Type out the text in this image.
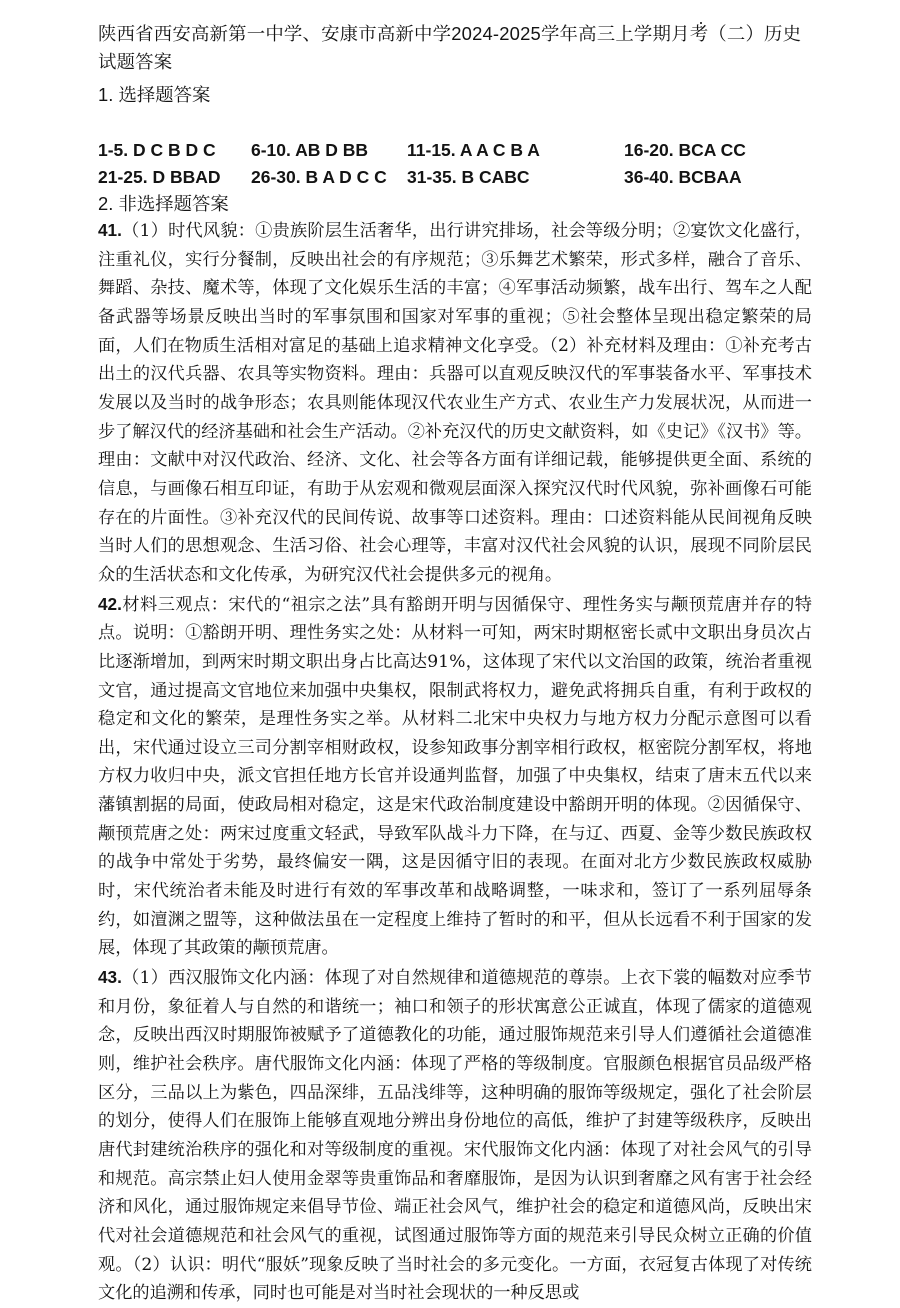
陕西省西安高新第一中学、安康市高新中学2024-2025学年高三上学期月考（二）历史试题答案
1. 选择题答案
1-5. D C B D C 6-10. AB D BB 11-15. A A C B A	16-20. BCA CC
21-25. D BBAD 26-30. B A D C C 31-35. B CABC	36-40. BCBAA
2. 非选择题答案

41.（1）时代风貌：①贵族阶层生活奢华，出行讲究排场，社会等级分明；②宴饮文化盛行，注重礼仪，实行分餐制，反映出社会的有序规范；③乐舞艺术繁荣，形式多样，融合了音乐、舞蹈、杂技、魔术等，体现了文化娱乐生活的丰富；④军事活动频繁，战车出行、驾车之人配备武器等场景反映出当时的军事氛围和国家对军事的重视；⑤社会整体呈现出稳定繁荣的局面，人们在物质生活相对富足的基础上追求精神文化享受。（2）补充材料及理由：①补充考古出土的汉代兵器、农具等实物资料。理由：兵器可以直观反映汉代的军事装备水平、军事技术发展以及当时的战争形态；农具则能体现汉代农业生产方式、农业生产力发展状况，从而进一步了解汉代的经济基础和社会生产活动。②补充汉代的历史文献资料，如《史记》《汉书》等。理由：文献中对汉代政治、经济、文化、社会等各方面有详细记载，能够提供更全面、系统的信息，与画像石相互印证，有助于从宏观和微观层面深入探究汉代时代风貌，弥补画像石可能存在的片面性。③补充汉代的民间传说、故事等口述资料。理由：口述资料能从民间视角反映当时人们的思想观念、生活习俗、社会心理等，丰富对汉代社会风貌的认识，展现不同阶层民众的生活状态和文化传承，为研究汉代社会提供多元的视角。

42.材料三观点：宋代的“祖宗之法”具有豁朗开明与因循保守、理性务实与颟顸荒唐并存的特点。说明：①豁朗开明、理性务实之处：从材料一可知，两宋时期枢密长贰中文职出身员次占比逐渐增加，到两宋时期文职出身占比高达91%，这体现了宋代以文治国的政策，统治者重视文官，通过提高文官地位来加强中央集权，限制武将权力，避免武将拥兵自重，有利于政权的稳定和文化的繁荣，是理性务实之举。从材料二北宋中央权力与地方权力分配示意图可以看出，宋代通过设立三司分割宰相财政权，设参知政事分割宰相行政权，枢密院分割军权，将地方权力收归中央，派文官担任地方长官并设通判监督，加强了中央集权，结束了唐末五代以来藩镇割据的局面，使政局相对稳定，这是宋代政治制度建设中豁朗开明的体现。②因循保守、颟顸荒唐之处：两宋过度重文轻武，导致军队战斗力下降，在与辽、西夏、金等少数民族政权的战争中常处于劣势，最终偏安一隅，这是因循守旧的表现。在面对北方少数民族政权威胁时，宋代统治者未能及时进行有效的军事改革和战略调整，一味求和，签订了一系列屈辱条约，如澶渊之盟等，这种做法虽在一定程度上维持了暂时的和平，但从长远看不利于国家的发展，体现了其政策的颟顸荒唐。

43.（1）西汉服饰文化内涵：体现了对自然规律和道德规范的尊崇。上衣下裳的幅数对应季节和月份，象征着人与自然的和谐统一；袖口和领子的形状寓意公正诚直，体现了儒家的道德观念，反映出西汉时期服饰被赋予了道德教化的功能，通过服饰规范来引导人们遵循社会道德准则，维护社会秩序。唐代服饰文化内涵：体现了严格的等级制度。官服颜色根据官员品级严格区分，三品以上为紫色，四品深绯，五品浅绯等，这种明确的服饰等级规定，强化了社会阶层的划分，使得人们在服饰上能够直观地分辨出身份地位的高低，维护了封建等级秩序，反映出唐代封建统治秩序的强化和对等级制度的重视。宋代服饰文化内涵：体现了对社会风气的引导和规范。高宗禁止妇人使用金翠等贵重饰品和奢靡服饰，是因为认识到奢靡之风有害于社会经济和风化，通过服饰规定来倡导节俭、端正社会风气，维护社会的稳定和道德风尚，反映出宋代对社会道德规范和社会风气的重视，试图通过服饰等方面的规范来引导民众树立正确的价值观。（2）认识：明代“服妖”现象反映了当时社会的多元变化。一方面，衣冠复古体现了对传统文化的追溯和传承，同时也可能是对当时社会现状的一种反思或
